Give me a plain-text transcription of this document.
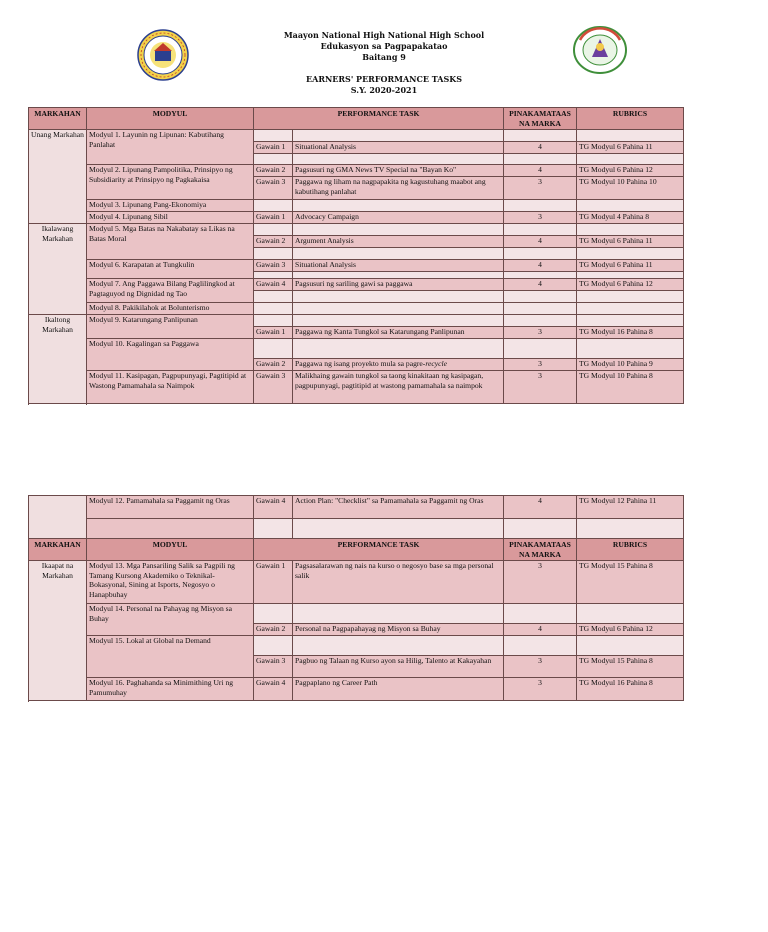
Maayon National High National High School
Edukasyon sa Pagpapakatao
Baitang 9
EARNERS' PERFORMANCE TASKS
S.Y. 2020-2021
MARKAHAN	MODYUL	PERFORMANCE TASK		PINAKAMATAAS NA MARKA	RUBRICS
Unang Markahan	Modyul 1. Layunin ng Lipunan: Kabutihang Panlahat				
		Gawain 1	Situational Analysis	4	TG Modyul 6 Pahina 11

	Modyul 2. Lipunang Pampolitika, Prinsipyo ng Subsidiarity at Prinsipyo ng Pagkakaisa	Gawain 2	Pagsusuri ng GMA News TV Special na "Bayan Ko"	4	TG Modyul 6 Pahina 12
		Gawain 3	Paggawa ng liham na nagpapakita ng kagustuhang maabot ang kabutihang panlahat	3	TG Modyul 10 Pahina 10
	Modyul 3. Lipunang Pang-Ekonomiya				
	Modyul 4. Lipunang Sibil	Gawain 1	Advocacy Campaign	3	TG Modyul 4 Pahina 8

Ikalawang Markahan	Modyul 5. Mga Batas na Nakabatay sa Likas na Batas Moral				
		Gawain 2	Argument Analysis	4	TG Modyul 6 Pahina 11

	Modyul 6. Karapatan at Tungkulin	Gawain 3	Situational Analysis	4	TG Modyul 6 Pahina 11

	Modyul 7. Ang Paggawa Bilang Paglilingkod at Pagtaguyod ng Dignidad ng Tao	Gawain 4	Pagsusuri ng sariling gawi sa paggawa	4	TG Modyul 6 Pahina 12

	Modyul 8. Pakikilahok at Bolunterismo				

Ikaltong Markahan	Modyul 9. Katarungang Panlipunan				
		Gawain 1	Paggawa ng Kanta Tungkol sa Katarungang Panlipunan	3	TG Modyul 16 Pahina 8
	Modyul 10. Kagalingan sa Paggawa				
		Gawain 2	Paggawa ng isang proyekto mula sa pagre-recycle	3	TG Modyul 10 Pahina 9
	Modyul 11. Kasipagan, Pagpupunyagi, Pagtitipid at Wastong Pamamahala sa Naimpok	Gawain 3	Malikhaing gawain tungkol sa taong kinakitaan ng kasipagan, pagpupunyagi, pagtitipid at wastong pamamahala sa naimpok	3	TG Modyul 10 Pahina 8

	Modyul 12. Pamamahala sa Paggamit ng Oras	Gawain 4	Action Plan: "Checklist" sa Pamamahala sa Paggamit ng Oras	4	TG Modyul 12 Pahina 11

MARKAHAN	MODYUL	PERFORMANCE TASK		PINAKAMATAAS NA MARKA	RUBRICS
Ikaapat na Markahan	Modyul 13. Mga Pansariling Salik sa Pagpili ng Tamang Kursong Akademiko o Teknikal-Bokasyonal, Sining at Isports, Negosyo o Hanapbuhay	Gawain 1	Pagsasalarawan ng nais na kurso o negosyo base sa mga personal salik	3	TG Modyul 15 Pahina 8
	Modyul 14. Personal na Pahayag ng Misyon sa Buhay				
		Gawain 2	Personal na Pagpapahayag ng Misyon sa Buhay	4	TG Modyul 6 Pahina 12
	Modyul 15. Lokal at Global na Demand				
		Gawain 3	Pagbuo ng Talaan ng Kurso ayon sa Hilig, Talento at Kakayahan	3	TG Modyul 15 Pahina 8
	Modyul 16. Paghahanda sa Minimithing Uri ng Pamumuhay	Gawain 4	Pagpaplano ng Career Path	3	TG Modyul 16 Pahina 8
